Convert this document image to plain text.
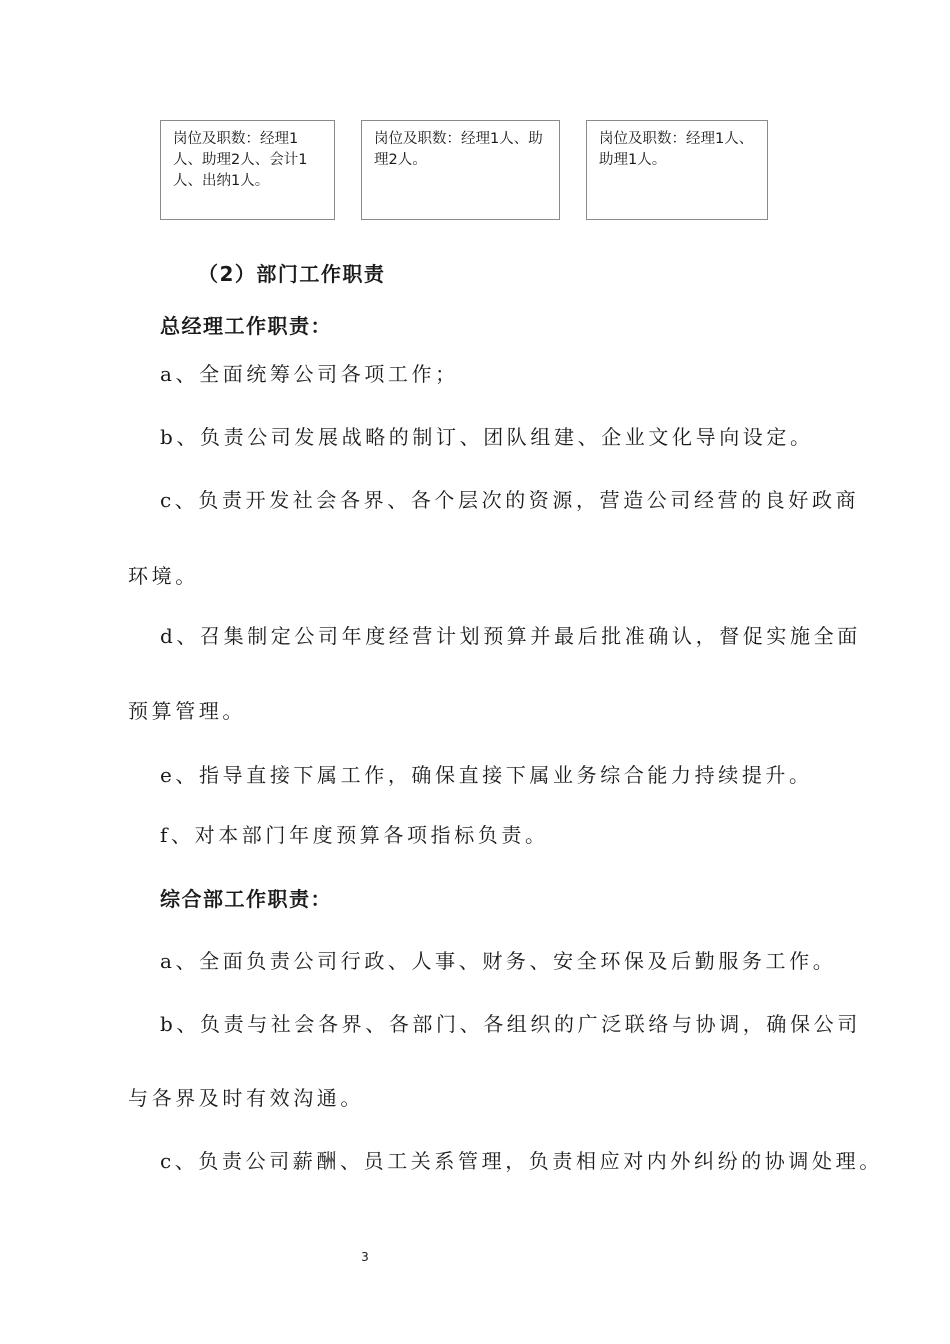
岗位及职数：经理1人、助理2人、会计1人、出纳1人。
岗位及职数：经理1人、助理2人。
岗位及职数：经理1人、助理1人。
（2）部门工作职责
总经理工作职责：
a、全面统筹公司各项工作；
b、负责公司发展战略的制订、团队组建、企业文化导向设定。
c、负责开发社会各界、各个层次的资源，营造公司经营的良好政商
环境。
d、召集制定公司年度经营计划预算并最后批准确认，督促实施全面
预算管理。
e、指导直接下属工作，确保直接下属业务综合能力持续提升。
f、对本部门年度预算各项指标负责。
综合部工作职责：
a、全面负责公司行政、人事、财务、安全环保及后勤服务工作。
b、负责与社会各界、各部门、各组织的广泛联络与协调，确保公司
与各界及时有效沟通。
c、负责公司薪酬、员工关系管理，负责相应对内外纠纷的协调处理。
3
